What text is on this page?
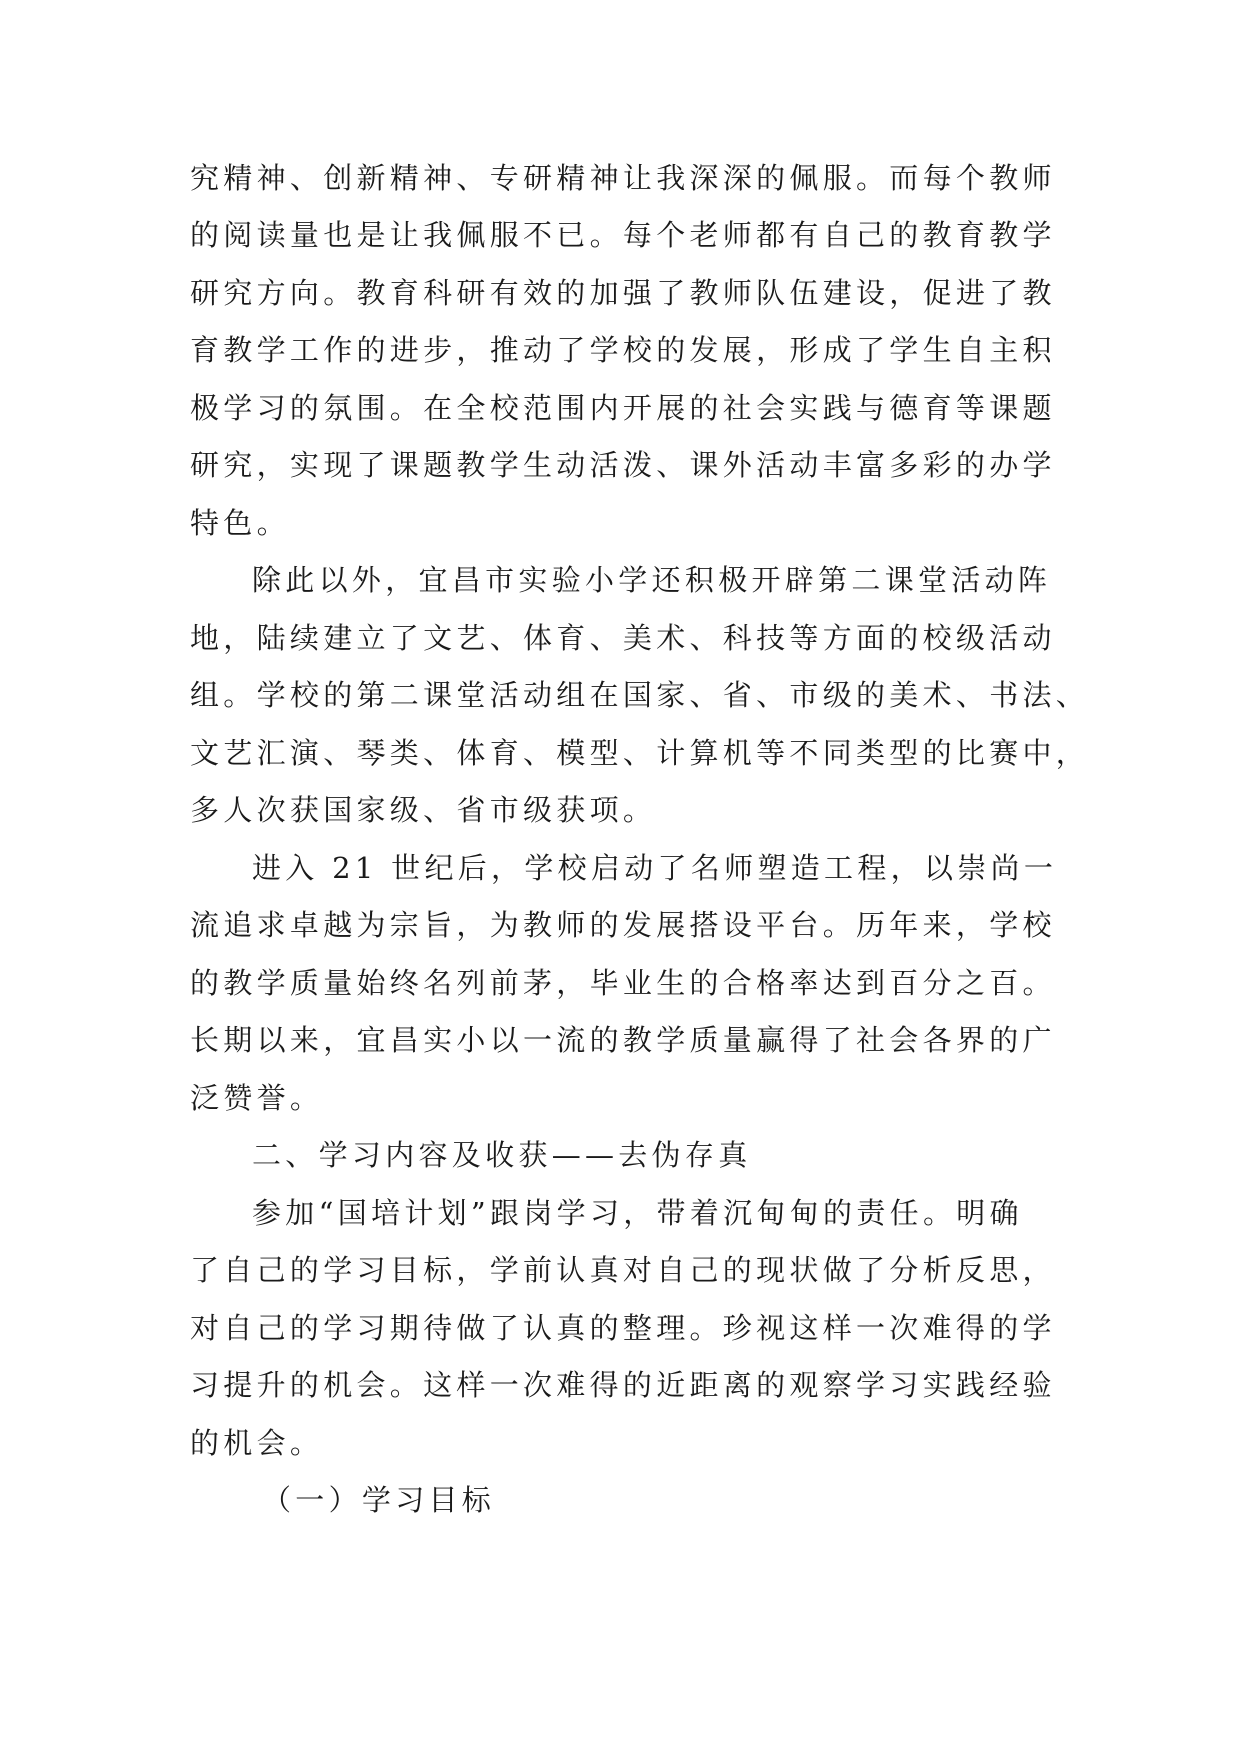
究精神、创新精神、专研精神让我深深的佩服。而每个教师
的阅读量也是让我佩服不已。每个老师都有自己的教育教学
研究方向。教育科研有效的加强了教师队伍建设，促进了教
育教学工作的进步，推动了学校的发展，形成了学生自主积
极学习的氛围。在全校范围内开展的社会实践与德育等课题
研究，实现了课题教学生动活泼、课外活动丰富多彩的办学
特色。
除此以外，宜昌市实验小学还积极开辟第二课堂活动阵
地，陆续建立了文艺、体育、美术、科技等方面的校级活动
组。学校的第二课堂活动组在国家、省、市级的美术、书法、
文艺汇演、琴类、体育、模型、计算机等不同类型的比赛中，
多人次获国家级、省市级获项。
进入 21 世纪后，学校启动了名师塑造工程，以崇尚一
流追求卓越为宗旨，为教师的发展搭设平台。历年来，学校
的教学质量始终名列前茅，毕业生的合格率达到百分之百。
长期以来，宜昌实小以一流的教学质量赢得了社会各界的广
泛赞誉。
二、学习内容及收获——去伪存真
参加“国培计划”跟岗学习，带着沉甸甸的责任。明确
了自己的学习目标，学前认真对自己的现状做了分析反思，
对自己的学习期待做了认真的整理。珍视这样一次难得的学
习提升的机会。这样一次难得的近距离的观察学习实践经验
的机会。
（一）学习目标
